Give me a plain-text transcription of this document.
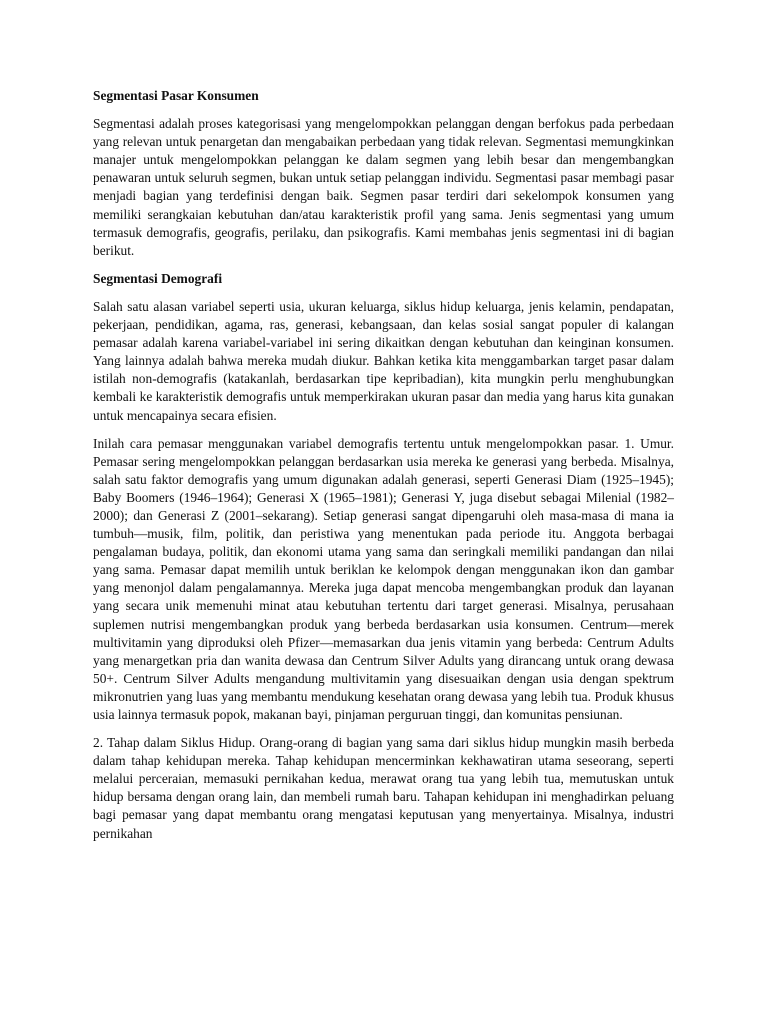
Segmentasi Pasar Konsumen

Segmentasi adalah proses kategorisasi yang mengelompokkan pelanggan dengan berfokus pada perbedaan yang relevan untuk penargetan dan mengabaikan perbedaan yang tidak relevan. Segmentasi memungkinkan manajer untuk mengelompokkan pelanggan ke dalam segmen yang lebih besar dan mengembangkan penawaran untuk seluruh segmen, bukan untuk setiap pelanggan individu. Segmentasi pasar membagi pasar menjadi bagian yang terdefinisi dengan baik. Segmen pasar terdiri dari sekelompok konsumen yang memiliki serangkaian kebutuhan dan/atau karakteristik profil yang sama. Jenis segmentasi yang umum termasuk demografis, geografis, perilaku, dan psikografis. Kami membahas jenis segmentasi ini di bagian berikut.

Segmentasi Demografi

Salah satu alasan variabel seperti usia, ukuran keluarga, siklus hidup keluarga, jenis kelamin, pendapatan, pekerjaan, pendidikan, agama, ras, generasi, kebangsaan, dan kelas sosial sangat populer di kalangan pemasar adalah karena variabel-variabel ini sering dikaitkan dengan kebutuhan dan keinginan konsumen. Yang lainnya adalah bahwa mereka mudah diukur. Bahkan ketika kita menggambarkan target pasar dalam istilah non-demografis (katakanlah, berdasarkan tipe kepribadian), kita mungkin perlu menghubungkan kembali ke karakteristik demografis untuk memperkirakan ukuran pasar dan media yang harus kita gunakan untuk mencapainya secara efisien.

Inilah cara pemasar menggunakan variabel demografis tertentu untuk mengelompokkan pasar. 1. Umur. Pemasar sering mengelompokkan pelanggan berdasarkan usia mereka ke generasi yang berbeda. Misalnya, salah satu faktor demografis yang umum digunakan adalah generasi, seperti Generasi Diam (1925–1945); Baby Boomers (1946–1964); Generasi X (1965–1981); Generasi Y, juga disebut sebagai Milenial (1982–2000); dan Generasi Z (2001–sekarang). Setiap generasi sangat dipengaruhi oleh masa-masa di mana ia tumbuh—musik, film, politik, dan peristiwa yang menentukan pada periode itu. Anggota berbagai pengalaman budaya, politik, dan ekonomi utama yang sama dan seringkali memiliki pandangan dan nilai yang sama. Pemasar dapat memilih untuk beriklan ke kelompok dengan menggunakan ikon dan gambar yang menonjol dalam pengalamannya. Mereka juga dapat mencoba mengembangkan produk dan layanan yang secara unik memenuhi minat atau kebutuhan tertentu dari target generasi. Misalnya, perusahaan suplemen nutrisi mengembangkan produk yang berbeda berdasarkan usia konsumen. Centrum—merek multivitamin yang diproduksi oleh Pfizer—memasarkan dua jenis vitamin yang berbeda: Centrum Adults yang menargetkan pria dan wanita dewasa dan Centrum Silver Adults yang dirancang untuk orang dewasa 50+. Centrum Silver Adults mengandung multivitamin yang disesuaikan dengan usia dengan spektrum mikronutrien yang luas yang membantu mendukung kesehatan orang dewasa yang lebih tua. Produk khusus usia lainnya termasuk popok, makanan bayi, pinjaman perguruan tinggi, dan komunitas pensiunan.

2. Tahap dalam Siklus Hidup. Orang-orang di bagian yang sama dari siklus hidup mungkin masih berbeda dalam tahap kehidupan mereka. Tahap kehidupan mencerminkan kekhawatiran utama seseorang, seperti melalui perceraian, memasuki pernikahan kedua, merawat orang tua yang lebih tua, memutuskan untuk hidup bersama dengan orang lain, dan membeli rumah baru. Tahapan kehidupan ini menghadirkan peluang bagi pemasar yang dapat membantu orang mengatasi keputusan yang menyertainya. Misalnya, industri pernikahan
